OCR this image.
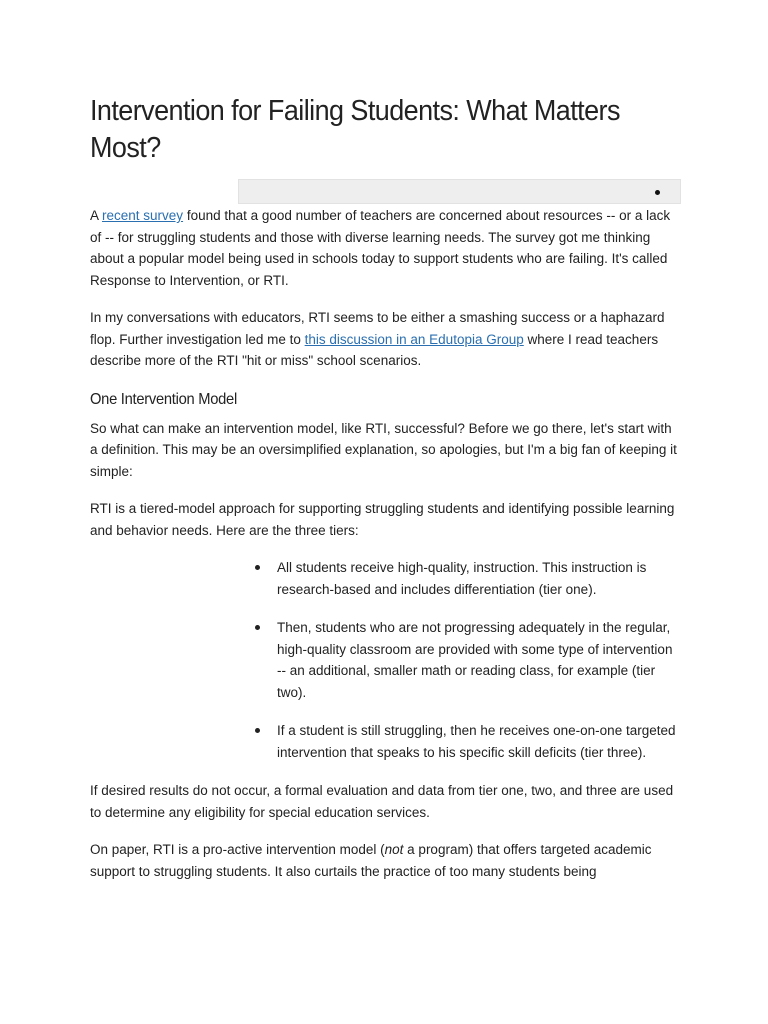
Intervention for Failing Students: What Matters Most?

A recent survey found that a good number of teachers are concerned about resources -- or a lack of -- for struggling students and those with diverse learning needs. The survey got me thinking about a popular model being used in schools today to support students who are failing. It's called Response to Intervention, or RTI.

In my conversations with educators, RTI seems to be either a smashing success or a haphazard flop. Further investigation led me to this discussion in an Edutopia Group where I read teachers describe more of the RTI "hit or miss" school scenarios.

One Intervention Model

So what can make an intervention model, like RTI, successful? Before we go there, let's start with a definition. This may be an oversimplified explanation, so apologies, but I'm a big fan of keeping it simple:

RTI is a tiered-model approach for supporting struggling students and identifying possible learning and behavior needs. Here are the three tiers:

All students receive high-quality, instruction. This instruction is research-based and includes differentiation (tier one).
Then, students who are not progressing adequately in the regular, high-quality classroom are provided with some type of intervention -- an additional, smaller math or reading class, for example (tier two).
If a student is still struggling, then he receives one-on-one targeted intervention that speaks to his specific skill deficits (tier three).

If desired results do not occur, a formal evaluation and data from tier one, two, and three are used to determine any eligibility for special education services.

On paper, RTI is a pro-active intervention model (not a program) that offers targeted academic support to struggling students. It also curtails the practice of too many students being
